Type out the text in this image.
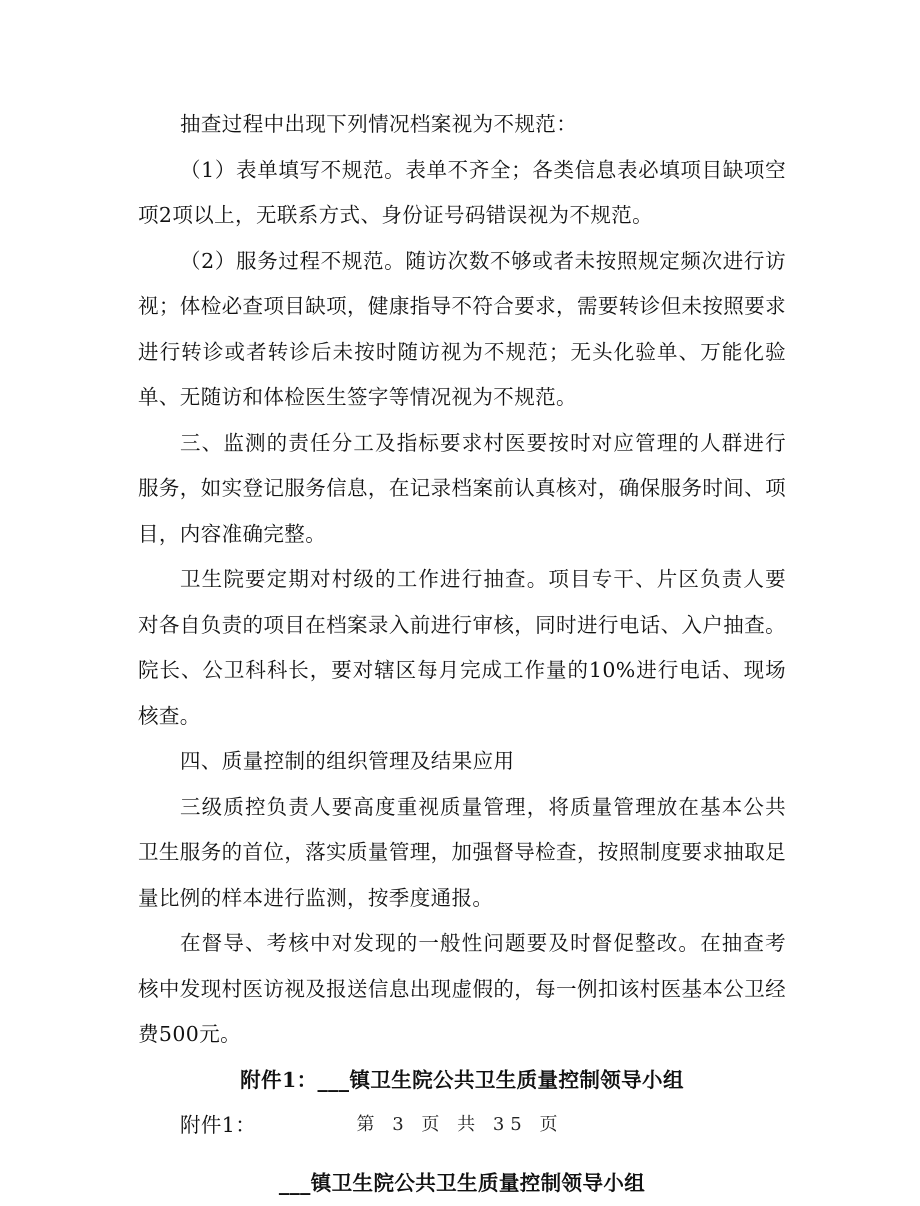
抽查过程中出现下列情况档案视为不规范：

（1）表单填写不规范。表单不齐全；各类信息表必填项目缺项空项2项以上，无联系方式、身份证号码错误视为不规范。

（2）服务过程不规范。随访次数不够或者未按照规定频次进行访视；体检必查项目缺项，健康指导不符合要求，需要转诊但未按照要求进行转诊或者转诊后未按时随访视为不规范；无头化验单、万能化验单、无随访和体检医生签字等情况视为不规范。

三、监测的责任分工及指标要求村医要按时对应管理的人群进行服务，如实登记服务信息，在记录档案前认真核对，确保服务时间、项目，内容准确完整。

卫生院要定期对村级的工作进行抽查。项目专干、片区负责人要对各自负责的项目在档案录入前进行审核，同时进行电话、入户抽查。院长、公卫科科长，要对辖区每月完成工作量的10%进行电话、现场核查。

四、质量控制的组织管理及结果应用

三级质控负责人要高度重视质量管理，将质量管理放在基本公共卫生服务的首位，落实质量管理，加强督导检查，按照制度要求抽取足量比例的样本进行监测，按季度通报。

在督导、考核中对发现的一般性问题要及时督促整改。在抽查考核中发现村医访视及报送信息出现虚假的，每一例扣该村医基本公卫经费500元。

附件1：___镇卫生院公共卫生质量控制领导小组

附件1：

___镇卫生院公共卫生质量控制领导小组

第 3 页 共 35 页
